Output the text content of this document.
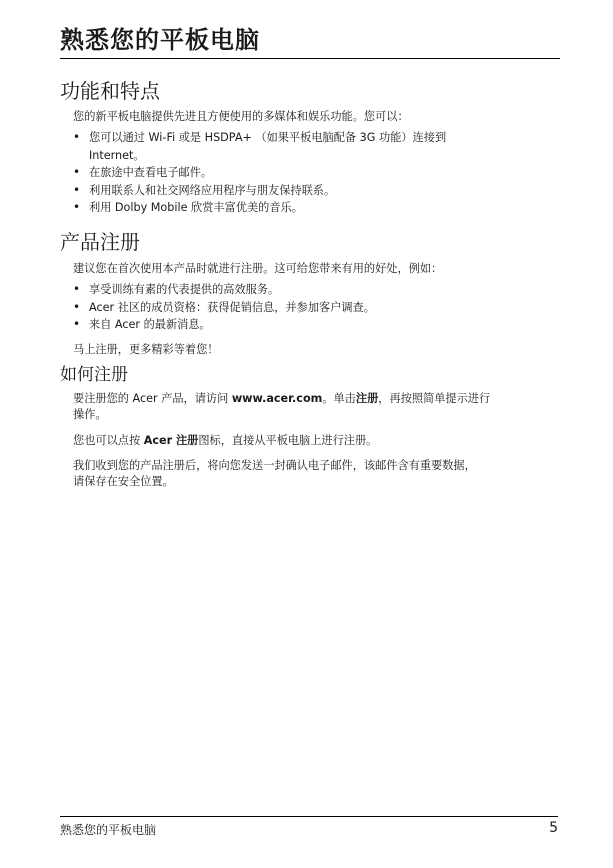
熟悉您的平板电脑
功能和特点
您的新平板电脑提供先进且方便使用的多媒体和娱乐功能。您可以：
• 您可以通过 Wi-Fi 或是 HSDPA+ （如果平板电脑配备 3G 功能）连接到
Internet。
• 在旅途中查看电子邮件。
• 利用联系人和社交网络应用程序与朋友保持联系。
• 利用 Dolby Mobile 欣赏丰富优美的音乐。
产品注册
建议您在首次使用本产品时就进行注册。这可给您带来有用的好处，例如：
• 享受训练有素的代表提供的高效服务。
• Acer 社区的成员资格：获得促销信息，并参加客户调查。
• 来自 Acer 的最新消息。
马上注册，更多精彩等着您！
如何注册
要注册您的 Acer 产品，请访问 www.acer.com。单击注册，再按照简单提示进行
操作。
您也可以点按 Acer 注册图标，直接从平板电脑上进行注册。
我们收到您的产品注册后，将向您发送一封确认电子邮件，该邮件含有重要数据，
请保存在安全位置。
熟悉您的平板电脑	5
